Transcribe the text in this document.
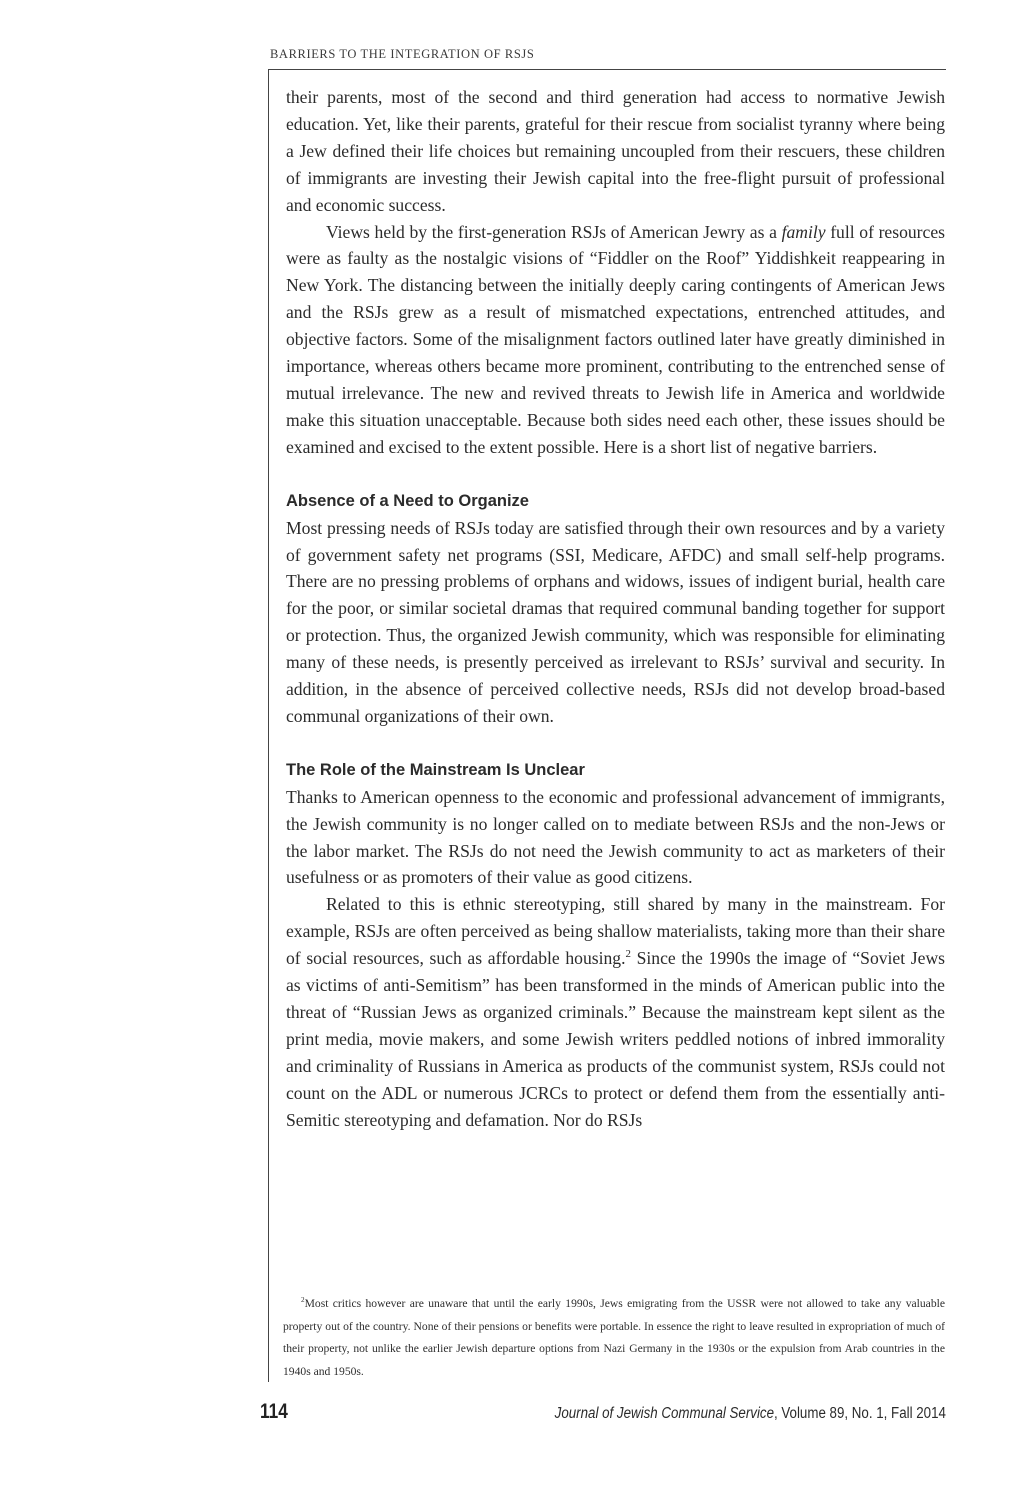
BARRIERS TO THE INTEGRATION OF RSJS

their parents, most of the second and third generation had access to normative Jewish education. Yet, like their parents, grateful for their rescue from socialist tyranny where being a Jew defined their life choices but remaining uncoupled from their rescuers, these children of immigrants are investing their Jewish capital into the free-flight pursuit of professional and economic success.

Views held by the first-generation RSJs of American Jewry as a family full of resources were as faulty as the nostalgic visions of “Fiddler on the Roof” Yiddishkeit reappearing in New York. The distancing between the initially deeply caring contingents of American Jews and the RSJs grew as a result of mismatched expectations, entrenched attitudes, and objective factors. Some of the misalignment factors outlined later have greatly diminished in importance, whereas others became more prominent, contributing to the entrenched sense of mutual irrelevance. The new and revived threats to Jewish life in America and worldwide make this situation unacceptable. Because both sides need each other, these issues should be examined and excised to the extent possible. Here is a short list of negative barriers.

Absence of a Need to Organize

Most pressing needs of RSJs today are satisfied through their own resources and by a variety of government safety net programs (SSI, Medicare, AFDC) and small self-help programs. There are no pressing problems of orphans and widows, issues of indigent burial, health care for the poor, or similar societal dramas that required communal banding together for support or protection. Thus, the organized Jewish community, which was responsible for eliminating many of these needs, is presently perceived as irrelevant to RSJs’ survival and security. In addition, in the absence of perceived collective needs, RSJs did not develop broad-based communal organizations of their own.

The Role of the Mainstream Is Unclear

Thanks to American openness to the economic and professional advancement of immigrants, the Jewish community is no longer called on to mediate between RSJs and the non-Jews or the labor market. The RSJs do not need the Jewish community to act as marketers of their usefulness or as promoters of their value as good citizens.

Related to this is ethnic stereotyping, still shared by many in the mainstream. For example, RSJs are often perceived as being shallow materialists, taking more than their share of social resources, such as affordable housing.$^2$ Since the 1990s the image of “Soviet Jews as victims of anti-Semitism” has been transformed in the minds of American public into the threat of “Russian Jews as organized criminals.” Because the mainstream kept silent as the print media, movie makers, and some Jewish writers peddled notions of inbred immorality and criminality of Russians in America as products of the communist system, RSJs could not count on the ADL or numerous JCRCs to protect or defend them from the essentially anti-Semitic stereotyping and defamation. Nor do RSJs

$^2$Most critics however are unaware that until the early 1990s, Jews emigrating from the USSR were not allowed to take any valuable property out of the country. None of their pensions or benefits were portable. In essence the right to leave resulted in expropriation of much of their property, not unlike the earlier Jewish departure options from Nazi Germany in the 1930s or the expulsion from Arab countries in the 1940s and 1950s.

114	Journal of Jewish Communal Service, Volume 89, No. 1, Fall 2014
